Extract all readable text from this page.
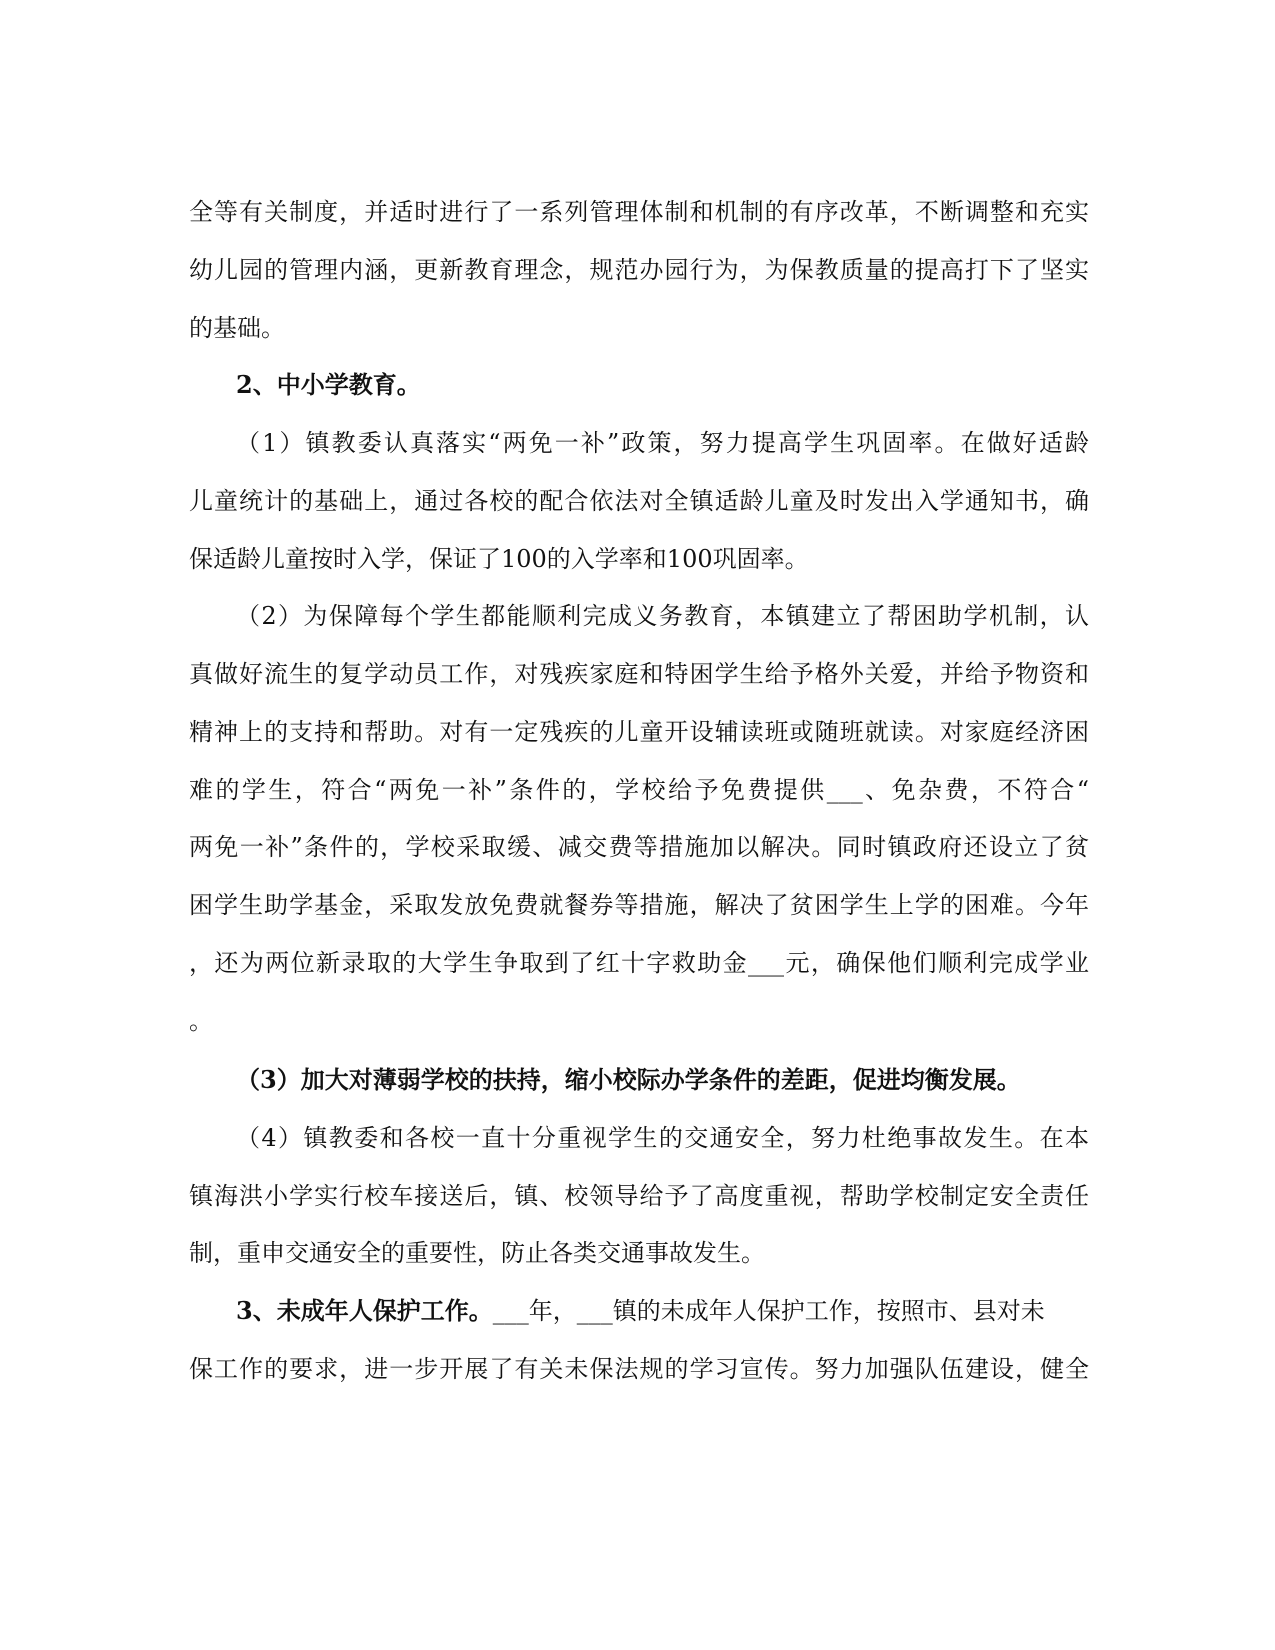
全等有关制度，并适时进行了一系列管理体制和机制的有序改革，不断调整和充实
幼儿园的管理内涵，更新教育理念，规范办园行为，为保教质量的提高打下了坚实
的基础。
2、中小学教育。
（1）镇教委认真落实“两免一补”政策，努力提高学生巩固率。在做好适龄
儿童统计的基础上，通过各校的配合依法对全镇适龄儿童及时发出入学通知书，确
保适龄儿童按时入学，保证了100的入学率和100巩固率。
（2）为保障每个学生都能顺利完成义务教育，本镇建立了帮困助学机制，认
真做好流生的复学动员工作，对残疾家庭和特困学生给予格外关爱，并给予物资和
精神上的支持和帮助。对有一定残疾的儿童开设辅读班或随班就读。对家庭经济困
难的学生，符合“两免一补”条件的，学校给予免费提供___、免杂费，不符合“
两免一补”条件的，学校采取缓、减交费等措施加以解决。同时镇政府还设立了贫
困学生助学基金，采取发放免费就餐券等措施，解决了贫困学生上学的困难。今年
，还为两位新录取的大学生争取到了红十字救助金___元，确保他们顺利完成学业
。
（3）加大对薄弱学校的扶持，缩小校际办学条件的差距，促进均衡发展。
（4）镇教委和各校一直十分重视学生的交通安全，努力杜绝事故发生。在本
镇海洪小学实行校车接送后，镇、校领导给予了高度重视，帮助学校制定安全责任
制，重申交通安全的重要性，防止各类交通事故发生。
3、未成年人保护工作。___年，___镇的未成年人保护工作，按照市、县对未
保工作的要求，进一步开展了有关未保法规的学习宣传。努力加强队伍建设，健全
